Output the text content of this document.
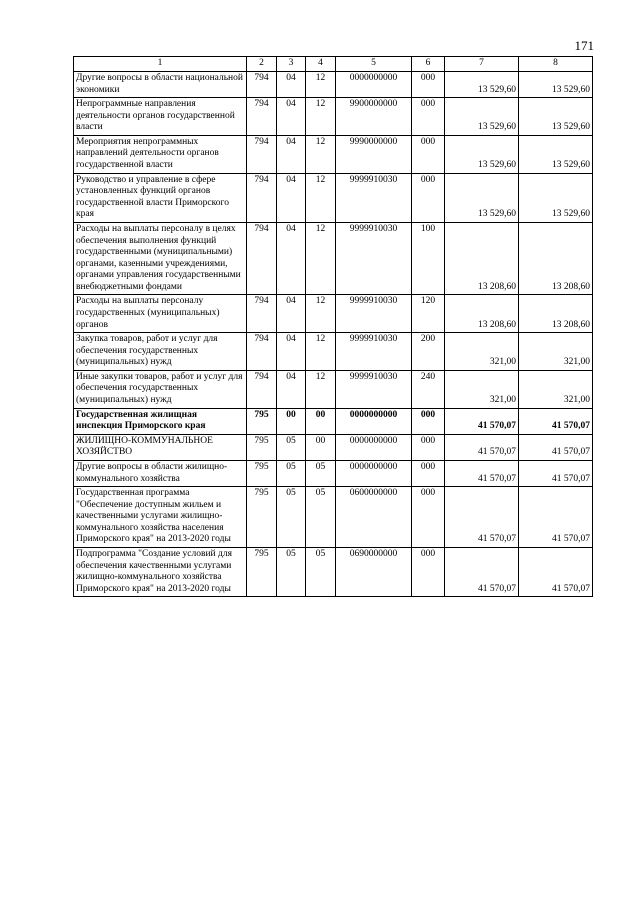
171
1	2	3	4	5	6	7	8
Другие вопросы в области национальной экономики	794	04	12	0000000000	000	13 529,60	13 529,60
Непрограммные направления деятельности органов государственной власти	794	04	12	9900000000	000	13 529,60	13 529,60
Мероприятия непрограммных направлений деятельности органов государственной власти	794	04	12	9990000000	000	13 529,60	13 529,60
Руководство и управление в сфере установленных функций органов государственной власти Приморского края	794	04	12	9999910030	000	13 529,60	13 529,60
Расходы на выплаты персоналу в целях обеспечения выполнения функций государственными (муниципальными) органами, казенными учреждениями, органами управления государственными внебюджетными фондами	794	04	12	9999910030	100	13 208,60	13 208,60
Расходы на выплаты персоналу государственных (муниципальных) органов	794	04	12	9999910030	120	13 208,60	13 208,60
Закупка товаров, работ и услуг для обеспечения государственных (муниципальных) нужд	794	04	12	9999910030	200	321,00	321,00
Иные закупки товаров, работ и услуг для обеспечения государственных (муниципальных) нужд	794	04	12	9999910030	240	321,00	321,00
Государственная жилищная инспекция Приморского края	795	00	00	0000000000	000	41 570,07	41 570,07
ЖИЛИЩНО-КОММУНАЛЬНОЕ ХОЗЯЙСТВО	795	05	00	0000000000	000	41 570,07	41 570,07
Другие вопросы в области жилищно-коммунального хозяйства	795	05	05	0000000000	000	41 570,07	41 570,07
Государственная программа "Обеспечение доступным жильем и качественными услугами жилищно-коммунального хозяйства населения Приморского края" на 2013-2020 годы	795	05	05	0600000000	000	41 570,07	41 570,07
Подпрограмма "Создание условий для обеспечения качественными услугами жилищно-коммунального хозяйства Приморского края" на 2013-2020 годы	795	05	05	0690000000	000	41 570,07	41 570,07
